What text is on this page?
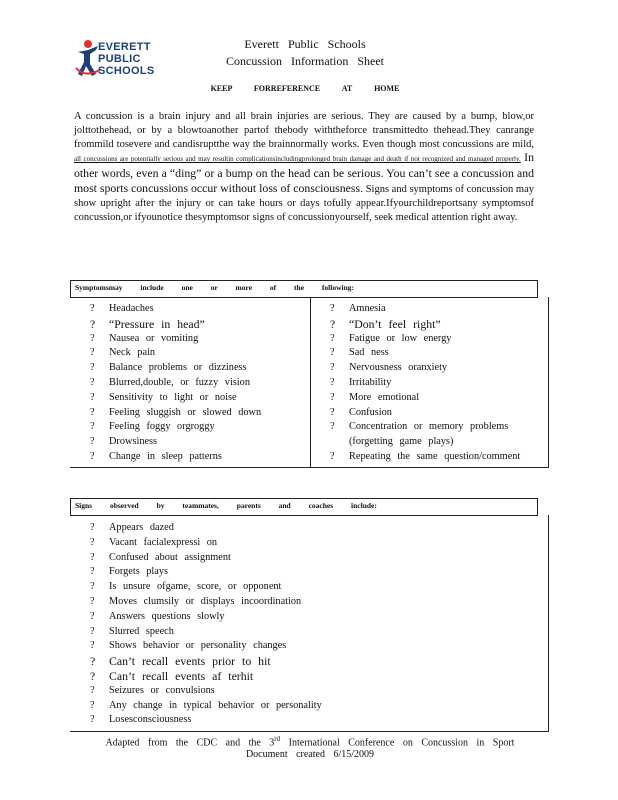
EVERETT
PUBLIC
SCHOOLS
Everett Public Schools
Concussion Information Sheet
KEEP FORREFERENCE AT HOME
A concussion is a brain injury and all brain injuries are serious. They are caused by a bump, blow,or jolttothehead, or by a blowtoanother partof thebody withtheforce transmittedto thehead.They canrange frommild tosevere and candisruptthe way the brainnormally works. Even though most concussions are mild, all concussions are potentially serious and may resultin complicationsincludingprolonged brain damage and death if not recognized and managed properly. In other words, even a “ding” or a bump on the head can be serious. You can’t see a concussion and most sports concussions occur without loss of consciousness. Signs and symptoms of concussion may show upright after the injury or can take hours or days tofully appear.Ifyourchildreportsany symptomsof concussion,or ifyounotice thesymptomsor signs of concussionyourself, seek medical attention right away.
Symptomsmay include one or more of the following:
? Headaches
? “Pressure in head”
? Nausea or vomiting
? Neck pain
? Balance problems or dizziness
? Blurred,double, or fuzzy vision
? Sensitivity to light or noise
? Feeling sluggish or slowed down
? Feeling foggy orgroggy
? Drowsiness
? Change in sleep patterns
? Amnesia
? “Don’t feel right”
? Fatigue or low energy
? Sad ness
? Nervousness oranxiety
? Irritability
? More emotional
? Confusion
? Concentration or memory problems
(forgetting game plays)
? Repeating the same question/comment
Signs observed by teammates, parents and coaches include:
? Appears dazed
? Vacant facialexpressi on
? Confused about assignment
? Forgets plays
? Is unsure ofgame, score, or opponent
? Moves clumsily or displays incoordination
? Answers questions slowly
? Slurred speech
? Shows behavior or personality changes
? Can’t recall events prior to hit
? Can’t recall events af terhit
? Seizures or convulsions
? Any change in typical behavior or personality
? Losesconsciousness
Adapted from the CDC and the 3rd International Conference on Concussion in Sport
Document created 6/15/2009
